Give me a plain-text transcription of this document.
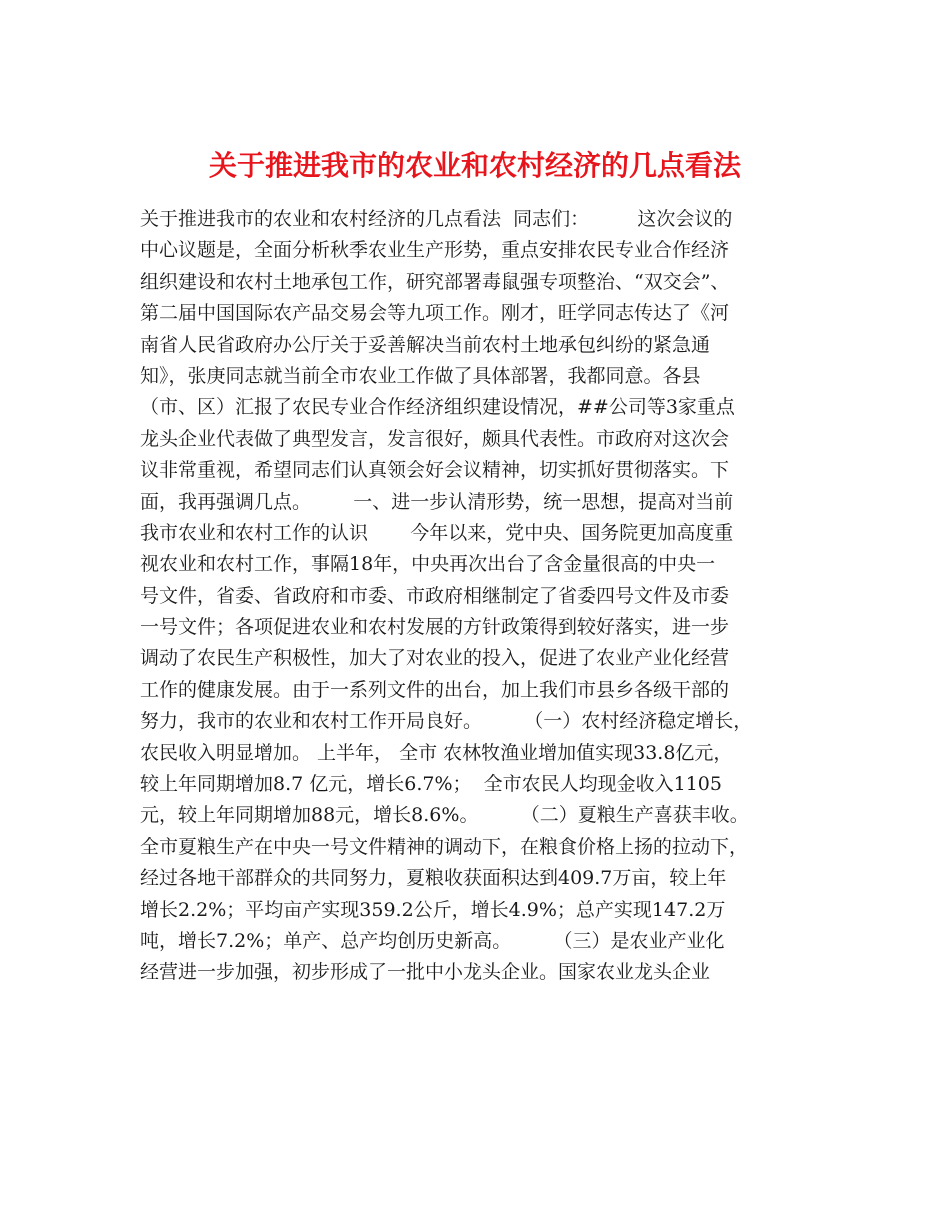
关于推进我市的农业和农村经济的几点看法
关于推进我市的农业和农村经济的几点看法  同志们：        这次会议的
中心议题是，全面分析秋季农业生产形势，重点安排农民专业合作经济
组织建设和农村土地承包工作，研究部署毒鼠强专项整治、“双交会”、
第二届中国国际农产品交易会等九项工作。刚才，旺学同志传达了《河
南省人民省政府办公厅关于妥善解决当前农村土地承包纠纷的紧急通
知》，张庚同志就当前全市农业工作做了具体部署，我都同意。各县
（市、区）汇报了农民专业合作经济组织建设情况，##公司等3家重点
龙头企业代表做了典型发言，发言很好，颇具代表性。市政府对这次会
议非常重视，希望同志们认真领会好会议精神，切实抓好贯彻落实。下
面，我再强调几点。       一、进一步认清形势，统一思想，提高对当前
我市农业和农村工作的认识       今年以来，党中央、国务院更加高度重
视农业和农村工作，事隔18年，中央再次出台了含金量很高的中央一
号文件，省委、省政府和市委、市政府相继制定了省委四号文件及市委
一号文件；各项促进农业和农村发展的方针政策得到较好落实，进一步
调动了农民生产积极性，加大了对农业的投入，促进了农业产业化经营
工作的健康发展。由于一系列文件的出台，加上我们市县乡各级干部的
努力，我市的农业和农村工作开局良好。       （一）农村经济稳定增长，
农民收入明显增加。 上半年， 全市 农林牧渔业增加值实现33.8亿元，
较上年同期增加8.7 亿元，增长6.7%；  全市农民人均现金收入1105
元，较上年同期增加88元，增长8.6%。       （二）夏粮生产喜获丰收。
全市夏粮生产在中央一号文件精神的调动下，在粮食价格上扬的拉动下，
经过各地干部群众的共同努力，夏粮收获面积达到409.7万亩，较上年
增长2.2%；平均亩产实现359.2公斤，增长4.9%；总产实现147.2万
吨，增长7.2%；单产、总产均创历史新高。       （三）是农业产业化
经营进一步加强，初步形成了一批中小龙头企业。国家农业龙头企业
